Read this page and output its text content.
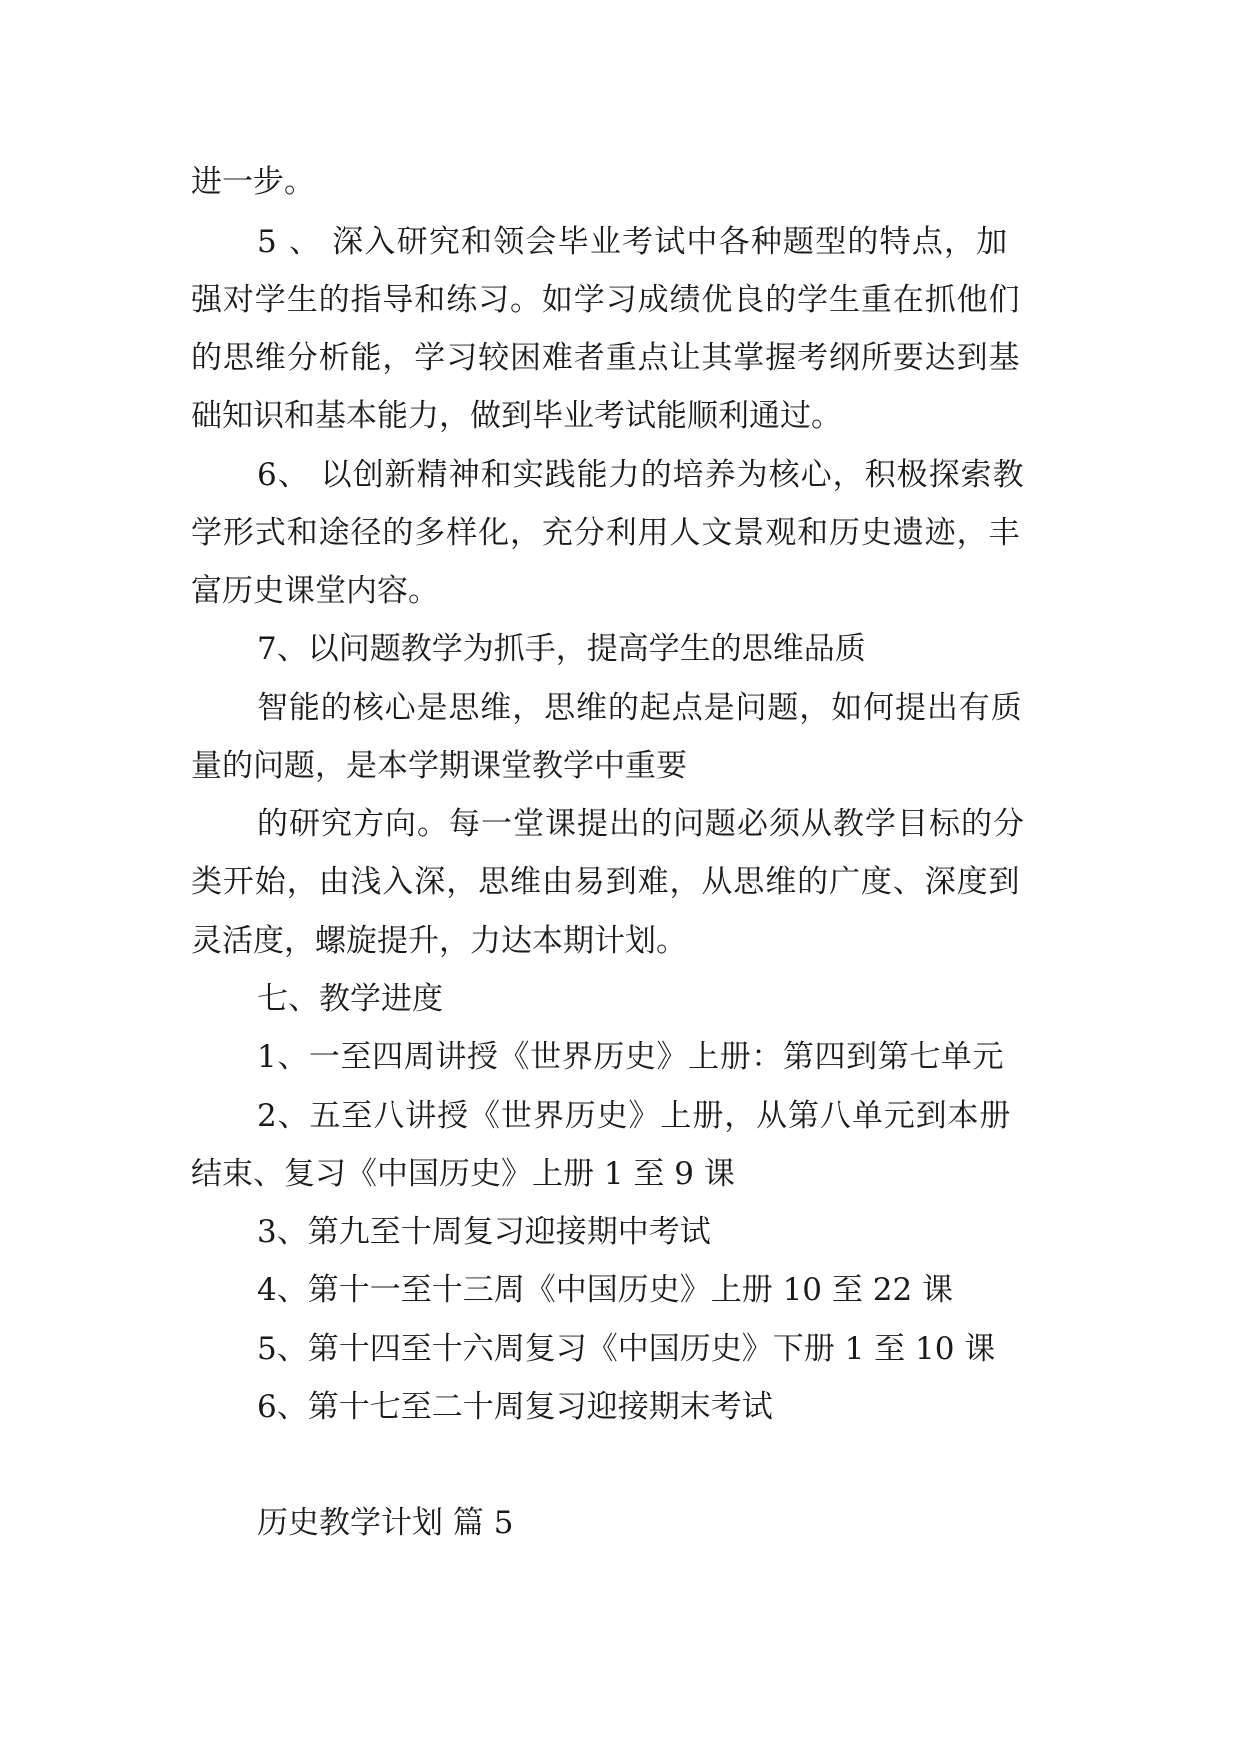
进一步。
5 、 深入研究和领会毕业考试中各种题型的特点，加
强对学生的指导和练习。如学习成绩优良的学生重在抓他们
的思维分析能，学习较困难者重点让其掌握考纲所要达到基
础知识和基本能力，做到毕业考试能顺利通过。
6、 以创新精神和实践能力的培养为核心，积极探索教
学形式和途径的多样化，充分利用人文景观和历史遗迹，丰
富历史课堂内容。
7、以问题教学为抓手，提高学生的思维品质
智能的核心是思维，思维的起点是问题，如何提出有质
量的问题，是本学期课堂教学中重要
的研究方向。每一堂课提出的问题必须从教学目标的分
类开始，由浅入深，思维由易到难，从思维的广度、深度到
灵活度，螺旋提升，力达本期计划。
七、教学进度
1、一至四周讲授《世界历史》上册：第四到第七单元
2、五至八讲授《世界历史》上册，从第八单元到本册
结束、复习《中国历史》上册 1 至 9 课
3、第九至十周复习迎接期中考试
4、第十一至十三周《中国历史》上册 10 至 22 课
5、第十四至十六周复习《中国历史》下册 1 至 10 课
6、第十七至二十周复习迎接期末考试
历史教学计划 篇 5
